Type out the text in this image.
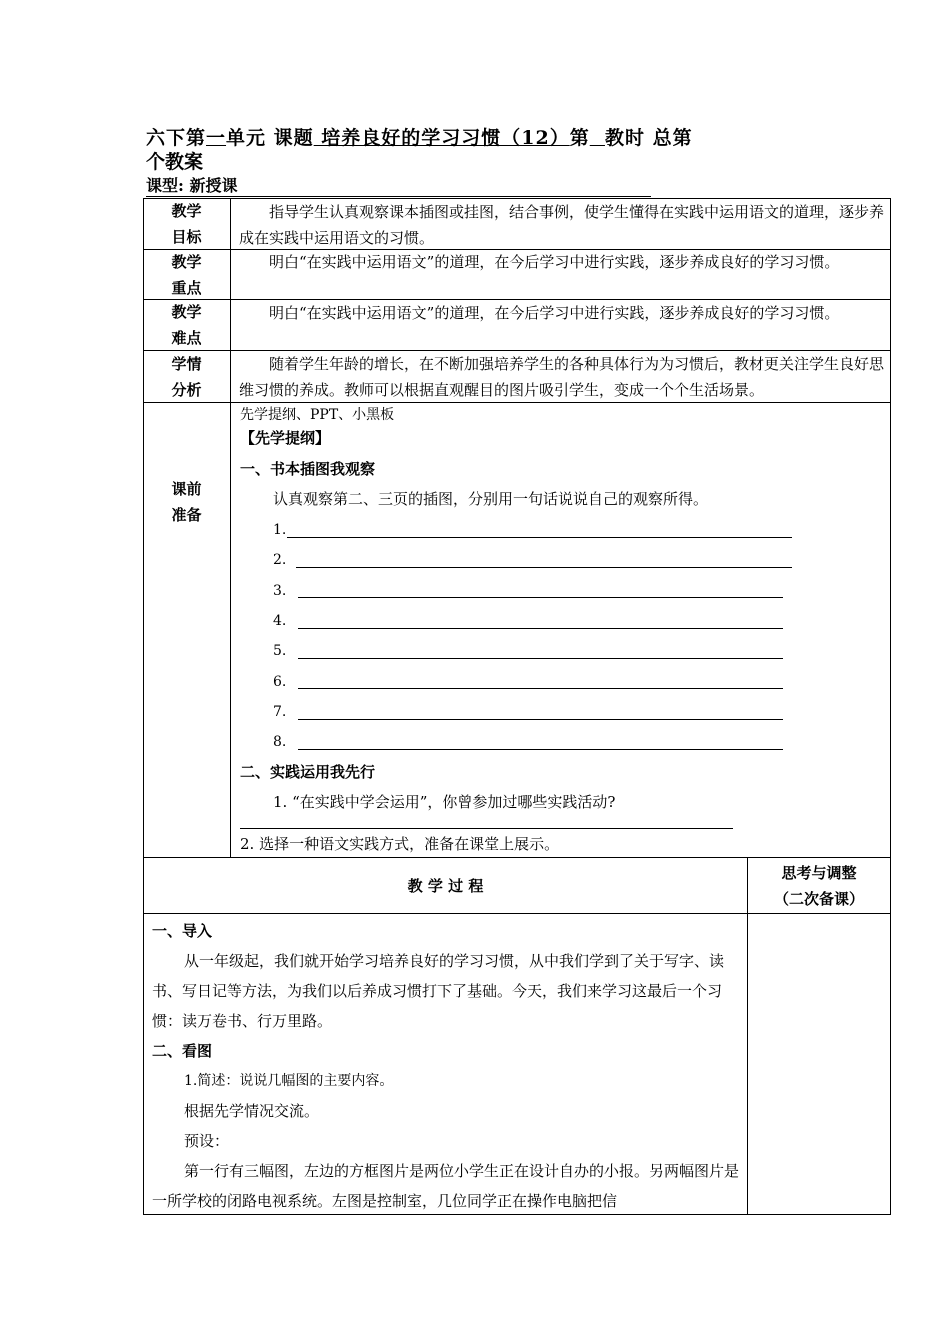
六下第一单元 课题 培养良好的学习习惯（12）第 教时 总第
个教案
课型: 新授课
教学
目标
指导学生认真观察课本插图或挂图，结合事例，使学生懂得在实践中运用语文的道理，逐步养成在实践中运用语文的习惯。
教学
重点
明白“在实践中运用语文”的道理，在今后学习中进行实践，逐步养成良好的学习习惯。
教学
难点
明白“在实践中运用语文”的道理，在今后学习中进行实践，逐步养成良好的学习习惯。
学情
分析
随着学生年龄的增长，在不断加强培养学生的各种具体行为为习惯后，教材更关注学生良好思维习惯的养成。教师可以根据直观醒目的图片吸引学生，变成一个个生活场景。
课前
准备
先学提纲、PPT、小黑板
【先学提纲】
一、书本插图我观察
认真观察第二、三页的插图，分别用一句话说说自己的观察所得。
1.
2.
3.
4.
5.
6.
7.
8.
二、实践运用我先行
1. “在实践中学会运用”，你曾参加过哪些实践活动?
2. 选择一种语文实践方式，准备在课堂上展示。
教 学 过 程
思考与调整
（二次备课）
一、导入
从一年级起，我们就开始学习培养良好的学习习惯，从中我们学到了关于写字、读书、写日记等方法，为我们以后养成习惯打下了基础。今天，我们来学习这最后一个习惯：读万卷书、行万里路。
二、看图
1.简述：说说几幅图的主要内容。
根据先学情况交流。
预设：
第一行有三幅图，左边的方框图片是两位小学生正在设计自办的小报。另两幅图片是一所学校的闭路电视系统。左图是控制室，几位同学正在操作电脑把信
